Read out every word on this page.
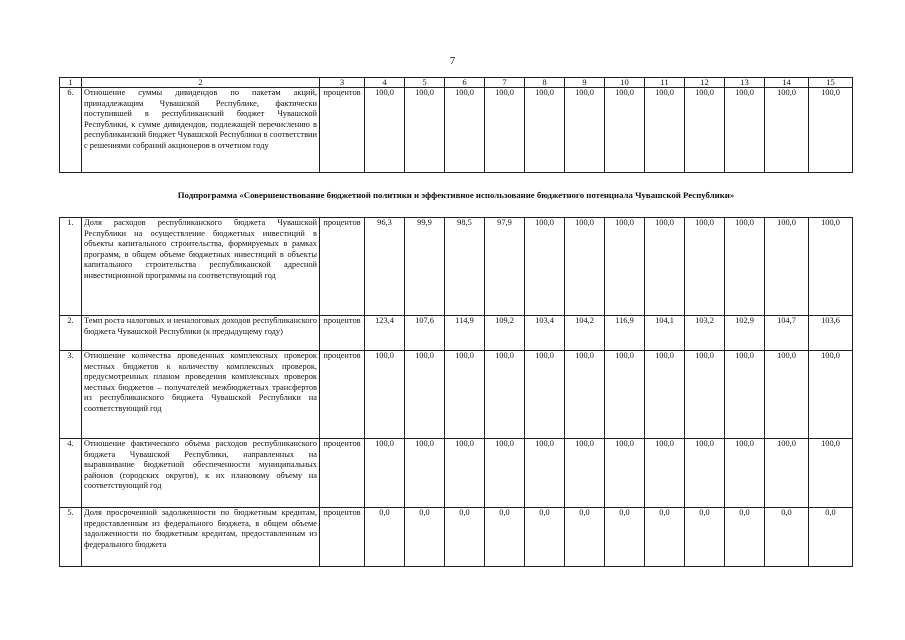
7
1	2	3	4	5	6	7	8	9	10	11	12	13	14	15
6.	Отношение суммы дивидендов по пакетам акций, принадлежащим Чувашской Республике, фактически поступившей в республиканский бюджет Чувашской Республики, к сумме дивидендов, подлежащей перечислению в республиканский бюджет Чувашской Республики в соответствии с решениями собраний акционеров в отчетном году	процентов	100,0	100,0	100,0	100,0	100,0	100,0	100,0	100,0	100,0	100,0	100,0	100,0
Подпрограмма «Совершенствование бюджетной политики и эффективное использование бюджетного потенциала Чувашской Республики»														
1.	Доля расходов республиканского бюджета Чувашской Республики на осуществление бюджетных инвестиций в объекты капитального строительства, формируемых в рамках программ, в общем объеме бюджетных инвестиций в объекты капитального строительства республиканской адресной инвестиционной программы на соответствующий год	процентов	96,3	99,9	98,5	97,9	100,0	100,0	100,0	100,0	100,0	100,0	100,0	100,0
2.	Темп роста налоговых и неналоговых доходов республиканского бюджета Чувашской Республики (к предыдущему году)	процентов	123,4	107,6	114,9	109,2	103,4	104,2	116,9	104,1	103,2	102,9	104,7	103,6
3.	Отношение количества проведенных комплексных проверок местных бюджетов к количеству комплексных проверок, предусмотренных планом проведения комплексных проверок местных бюджетов – получателей межбюджетных трансфертов из республиканского бюджета Чувашской Республики на соответствующий год	процентов	100,0	100,0	100,0	100,0	100,0	100,0	100,0	100,0	100,0	100,0	100,0	100,0
4.	Отношение фактического объема расходов республиканского бюджета Чувашской Республики, направленных на выравнивание бюджетной обеспеченности муниципальных районов (городских округов), к их плановому объему на соответствующий год	процентов	100,0	100,0	100,0	100,0	100,0	100,0	100,0	100,0	100,0	100,0	100,0	100,0
5.	Доля просроченной задолженности по бюджетным кредитам, предоставленным из федерального бюджета, в общем объеме задолженности по бюджетным кредитам, предоставленным из федерального бюджета	процентов	0,0	0,0	0,0	0,0	0,0	0,0	0,0	0,0	0,0	0,0	0,0	0,0
